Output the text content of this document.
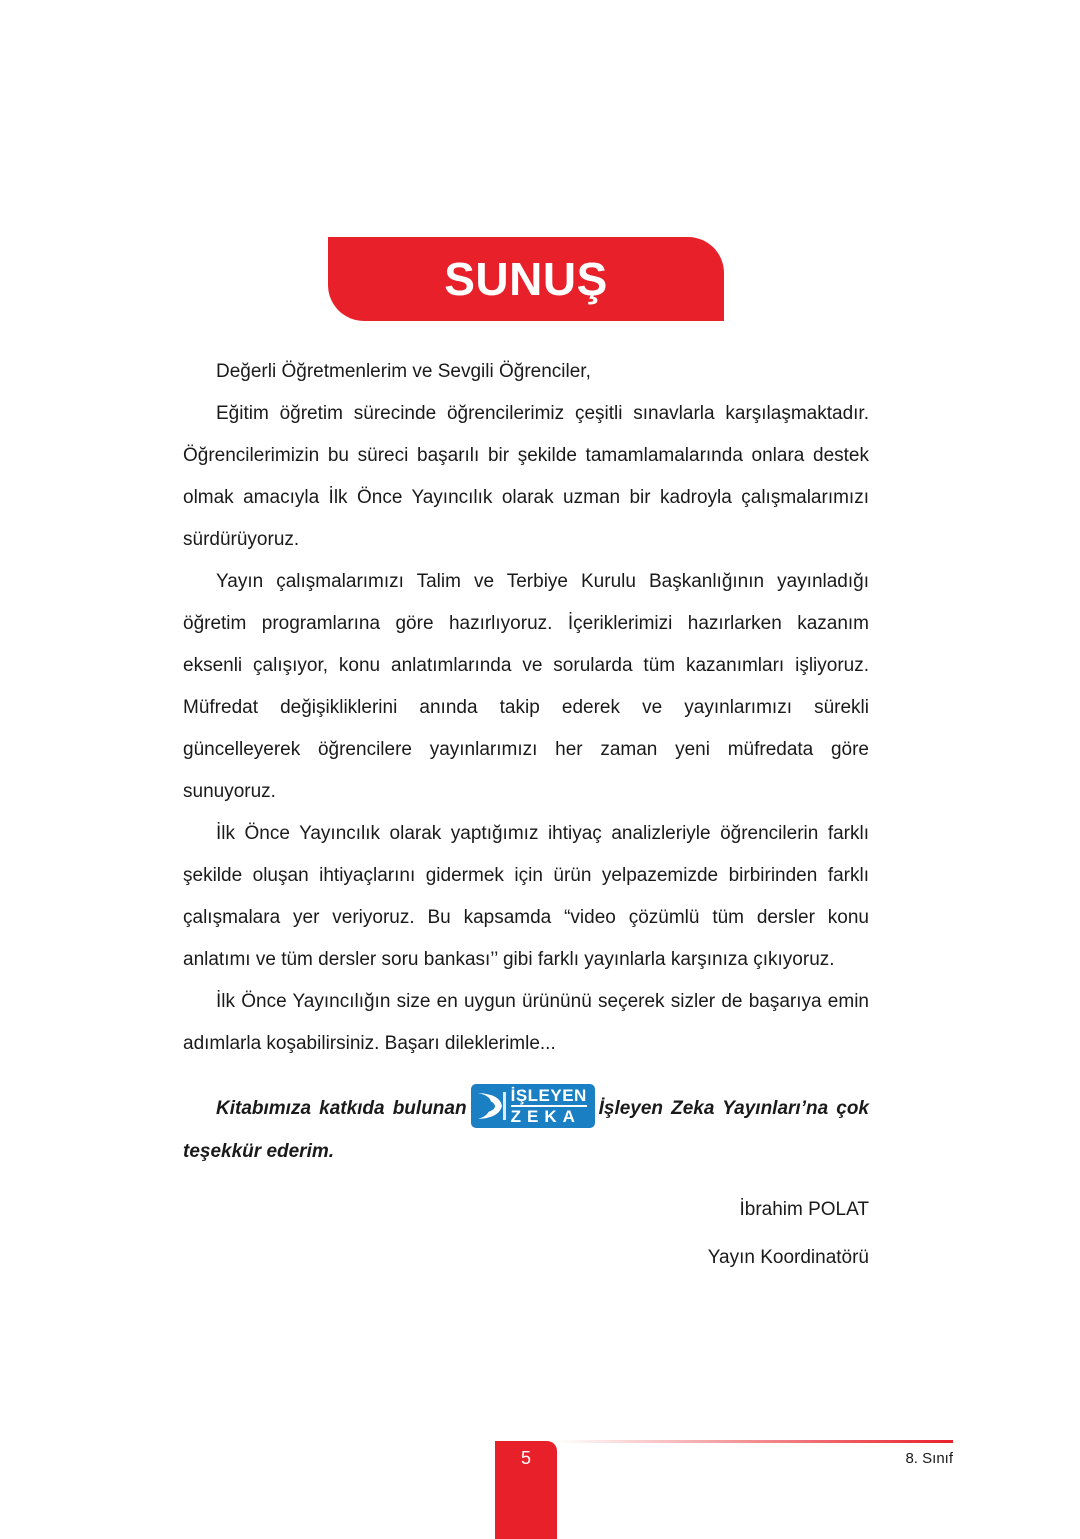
SUNUŞ

Değerli Öğretmenlerim ve Sevgili Öğrenciler,

Eğitim öğretim sürecinde öğrencilerimiz çeşitli sınavlarla karşılaşmaktadır. Öğrencilerimizin bu süreci başarılı bir şekilde tamamlamalarında onlara destek olmak amacıyla İlk Önce Yayıncılık olarak uzman bir kadroyla çalışmalarımızı sürdürüyoruz.

Yayın çalışmalarımızı Talim ve Terbiye Kurulu Başkanlığının yayınladığı öğretim programlarına göre hazırlıyoruz. İçeriklerimizi hazırlarken kazanım eksenli çalışıyor, konu anlatımlarında ve sorularda tüm kazanımları işliyoruz. Müfredat değişikliklerini anında takip ederek ve yayınlarımızı sürekli güncelleyerek öğrencilere yayınlarımızı her zaman yeni müfredata göre sunuyoruz.

İlk Önce Yayıncılık olarak yaptığımız ihtiyaç analizleriyle öğrencilerin farklı şekilde oluşan ihtiyaçlarını gidermek için ürün yelpazemizde birbirinden farklı çalışmalara yer veriyoruz. Bu kapsamda “video çözümlü tüm dersler konu anlatımı ve tüm dersler soru bankası’’ gibi farklı yayınlarla karşınıza çıkıyoruz.

İlk Önce Yayıncılığın size en uygun ürününü seçerek sizler de başarıya emin adımlarla koşabilirsiniz. Başarı dileklerimle...

Kitabımıza katkıda bulunan
İŞLEYEN
ZEKA İşleyen Zeka Yayınları’na çok teşekkür ederim.

İbrahim POLAT
Yayın Koordinatörü
5	8. Sınıf
